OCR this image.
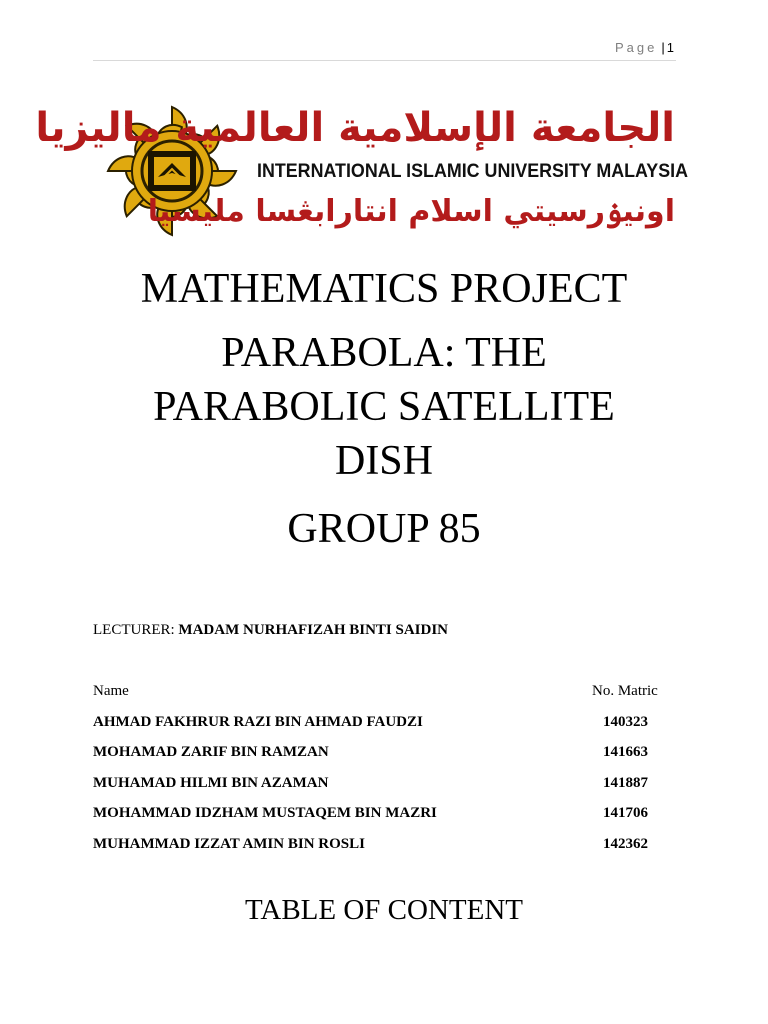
Page | 1
الجامعة الإسلامية العالمية ماليزيا
INTERNATIONAL ISLAMIC UNIVERSITY MALAYSIA
اونيۏرسيتي اسلام انتارابڠسا مليسيا
MATHEMATICS PROJECT
PARABOLA: THE
PARABOLIC SATELLITE
DISH
GROUP 85
LECTURER: MADAM NURHAFIZAH BINTI SAIDIN
Name	No. Matric
AHMAD FAKHRUR RAZI BIN AHMAD FAUDZI	140323
MOHAMAD ZARIF BIN RAMZAN	141663
MUHAMAD HILMI BIN AZAMAN	141887
MOHAMMAD IDZHAM MUSTAQEM BIN MAZRI	141706
MUHAMMAD IZZAT AMIN BIN ROSLI	142362
TABLE OF CONTENT
